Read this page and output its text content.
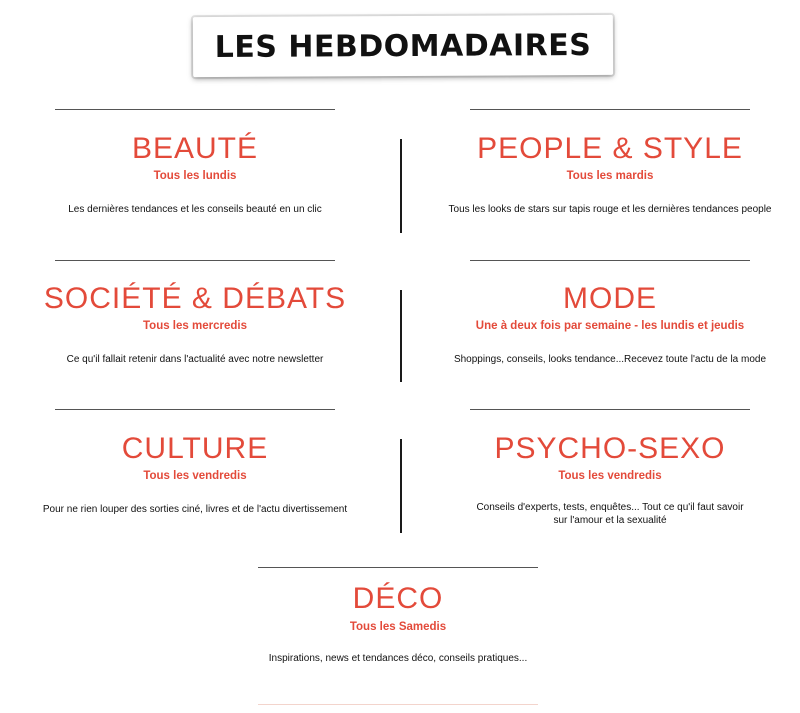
LES HEBDOMADAIRES
BEAUTÉ
Tous les lundis
Les dernières tendances et les conseils beauté en un clic
PEOPLE & STYLE
Tous les mardis
Tous les looks de stars sur tapis rouge et les dernières tendances people
SOCIÉTÉ & DÉBATS
Tous les mercredis
Ce qu'il fallait retenir dans l'actualité avec notre newsletter
MODE
Une à deux fois par semaine - les lundis et jeudis
Shoppings, conseils, looks tendance...Recevez toute l'actu de la mode
CULTURE
Tous les vendredis
Pour ne rien louper des sorties ciné, livres et de l'actu divertissement
PSYCHO-SEXO
Tous les vendredis
Conseils d'experts, tests, enquêtes... Tout ce qu'il faut savoir sur l'amour et la sexualité
DÉCO
Tous les Samedis
Inspirations, news et tendances déco, conseils pratiques...
